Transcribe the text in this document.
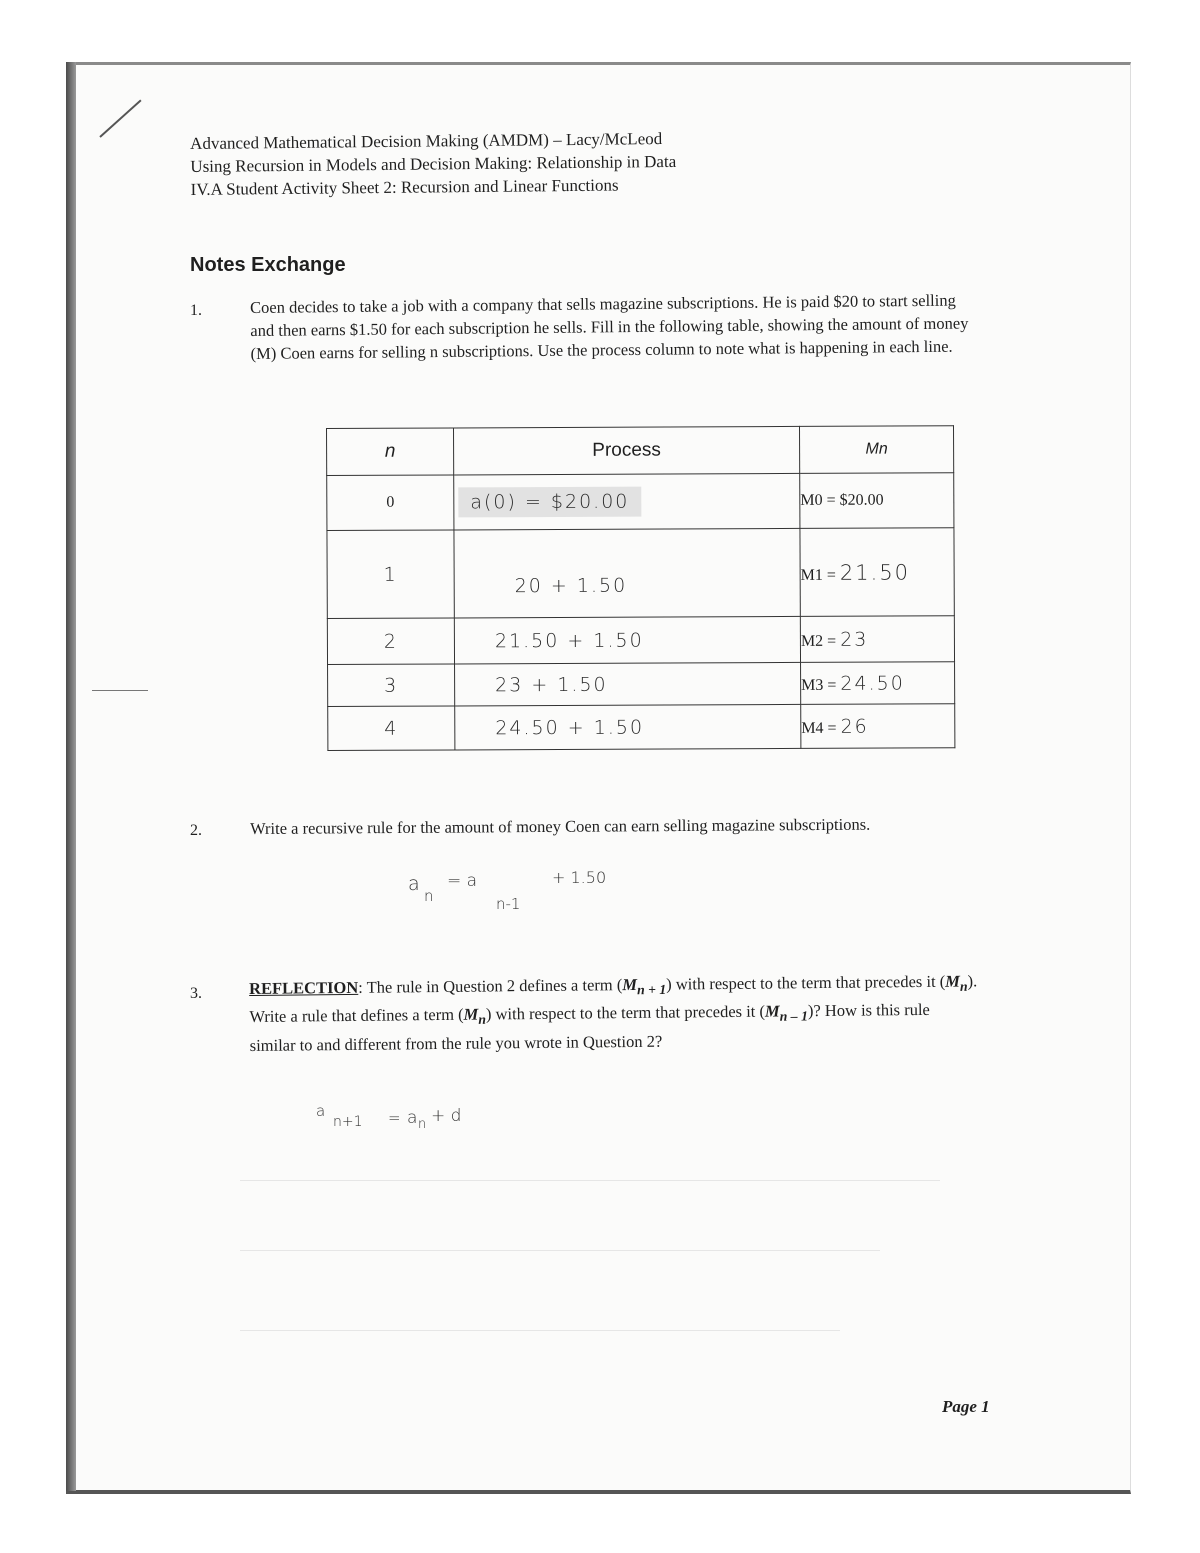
Advanced Mathematical Decision Making (AMDM) – Lacy/McLeod
Using Recursion in Models and Decision Making: Relationship in Data
IV.A Student Activity Sheet 2: Recursion and Linear Functions
Notes Exchange
1.	Coen decides to take a job with a company that sells magazine subscriptions. He is paid $20 to start selling and then earns $1.50 for each subscription he sells. Fill in the following table, showing the amount of money (M) Coen earns for selling n subscriptions. Use the process column to note what is happening in each line.
n	Process	Mn
0	a(0) = $20.00	M0 = $20.00
1	20 + 1.50	M1 = 21.50
2	21.50 + 1.50	M2 = 23
3	23 + 1.50	M3 = 24.50
4	24.50 + 1.50	M4 = 26
2.	Write a recursive rule for the amount of money Coen can earn selling magazine subscriptions.
a
n
= a
n-1
+ 1.50
3.	REFLECTION: The rule in Question 2 defines a term $(M_{n + 1})$ with respect to the term that precedes it $(M_n)$. Write a rule that defines a term $(M_n)$ with respect to the term that precedes it $(M_{n - 1})$? How is this rule similar to and different from the rule you wrote in Question 2?
a
n+1 = a n + d
Page 1
